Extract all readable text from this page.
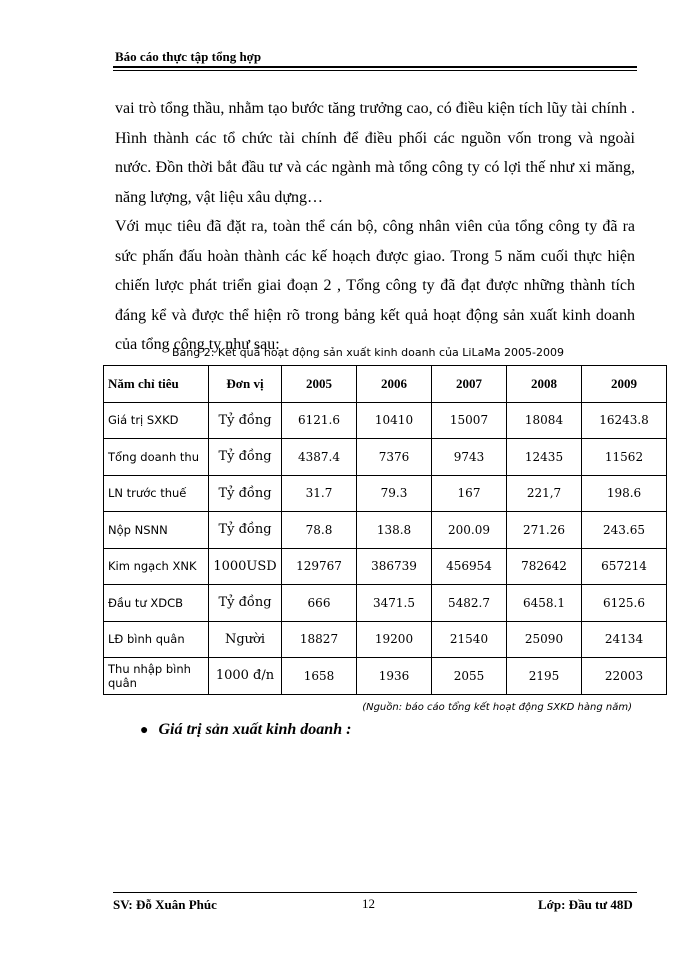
Báo cáo thực tập tổng hợp

vai trò tổng thầu, nhằm tạo bước tăng trưởng cao, có điều kiện tích lũy tài chính . Hình thành các tổ chức tài chính để điều phối các nguồn vốn trong và ngoài nước. Đồn thời bắt đầu tư và các ngành mà tổng công ty có lợi thế như xi măng, năng lượng, vật liệu xâu dựng…

Với mục tiêu đã đặt ra, toàn thể cán bộ, công nhân viên của tổng công ty đã ra sức phấn đấu hoàn thành các kế hoạch được giao. Trong 5 năm cuối thực hiện chiến lược phát triển giai đoạn 2 , Tổng công ty đã đạt được những thành tích đáng kể và được thể hiện rõ trong bảng kết quả hoạt động sản xuất kinh doanh của tổng công ty như sau:

Bảng 2: Kết quả hoạt động sản xuất kinh doanh của LiLaMa 2005-2009
Năm chỉ tiêu	Đơn vị	2005	2006	2007	2008	2009
Giá trị SXKD	Tỷ đồng	6121.6	10410	15007	18084	16243.8
Tổng doanh thu	Tỷ đồng	4387.4	7376	9743	12435	11562
LN trước thuế	Tỷ đồng	31.7	79.3	167	221,7	198.6
Nộp NSNN	Tỷ đồng	78.8	138.8	200.09	271.26	243.65
Kim ngạch XNK	1000USD	129767	386739	456954	782642	657214
Đầu tư XDCB	Tỷ đồng	666	3471.5	5482.7	6458.1	6125.6
LĐ bình quân	Người	18827	19200	21540	25090	24134
Thu nhập bình quân	1000 đ/n	1658	1936	2055	2195	22003
(Nguồn: báo cáo tổng kết hoạt động SXKD hàng năm)
● Giá trị sản xuất kinh doanh :
SV: Đỗ Xuân Phúc	12	Lớp: Đầu tư 48D
